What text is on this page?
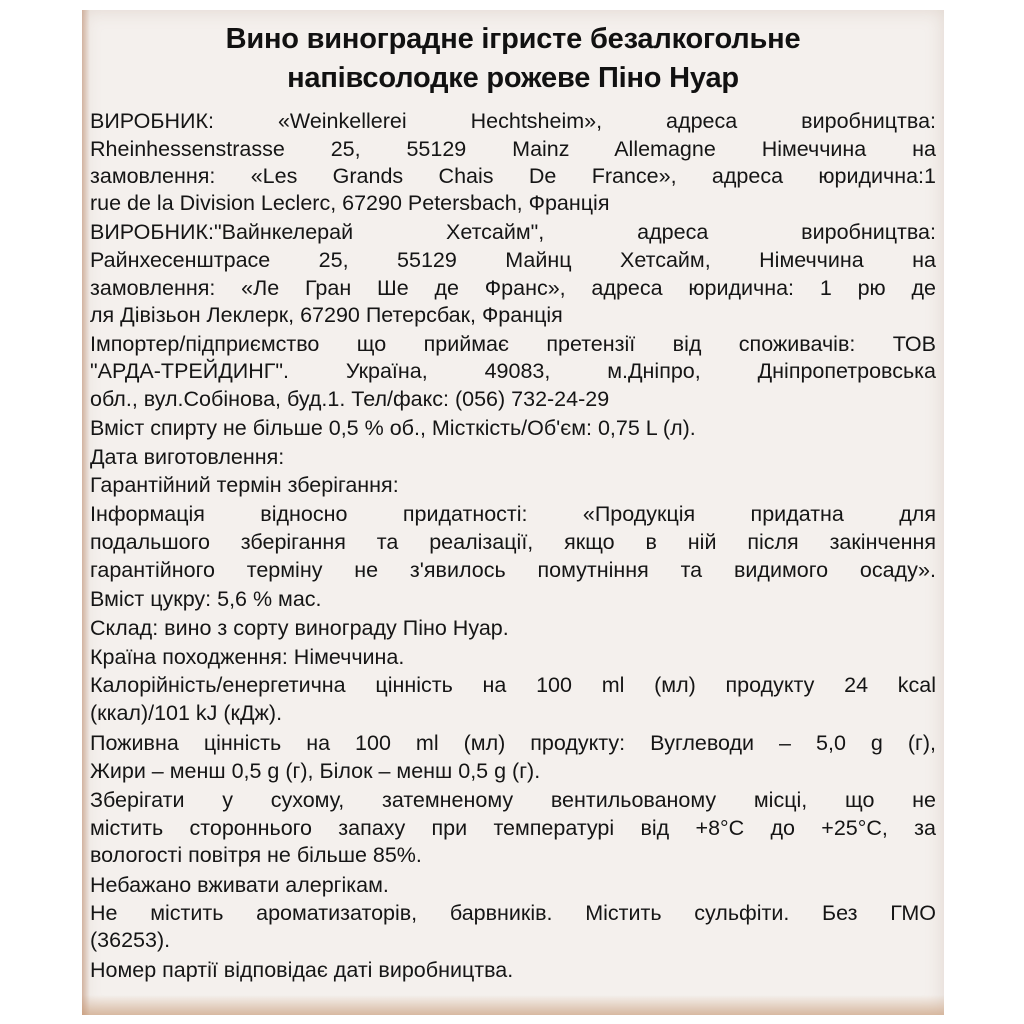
Вино виноградне ігристе безалкогольне
напівсолодке рожеве Піно Нуар
ВИРОБНИК: «Weinkellerei Hechtsheim», адреса виробництва:
Rheinhessenstrasse 25, 55129 Mainz Allemagne Німеччина на
замовлення: «Les Grands Chais De France», адреса юридична:1
rue de la Division Leclerc, 67290 Petersbach, Франція
ВИРОБНИК:"Вайнкелерай Хетсайм", адреса виробництва:
Райнхесенштрасе 25, 55129 Майнц Хетсайм, Німеччина на
замовлення: «Ле Гран Ше де Франс», адреса юридична: 1 рю де
ля Дівізьон Леклерк, 67290 Петерсбак, Франція
Імпортер/підприємство що приймає претензії від споживачів: ТОВ
"АРДА-ТРЕЙДИНГ". Україна, 49083, м.Дніпро, Дніпропетровська
обл., вул.Собінова, буд.1. Тел/факс: (056) 732-24-29
Вміст спирту не більше 0,5 % об., Місткість/Об'єм: 0,75 L (л).
Дата виготовлення:
Гарантійний термін зберігання:
Інформація відносно придатності: «Продукція придатна для
подальшого зберігання та реалізації, якщо в ній після закінчення
гарантійного терміну не з'явилось помутніння та видимого осаду».
Вміст цукру: 5,6 % мас.
Склад: вино з сорту винограду Піно Нуар.
Країна походження: Німеччина.
Калорійність/енергетична цінність на 100 ml (мл) продукту 24 kcal
(ккал)/101 kJ (кДж).
Поживна цінність на 100 ml (мл) продукту: Вуглеводи – 5,0 g (г),
Жири – менш 0,5 g (г), Білок – менш 0,5 g (г).
Зберігати у сухому, затемненому вентильованому місці, що не
містить стороннього запаху при температурі від +8°С до +25°С, за
вологості повітря не більше 85%.
Небажано вживати алергікам.
Не містить ароматизаторів, барвників. Містить сульфіти. Без ГМО
(36253).
Номер партії відповідає даті виробництва.
